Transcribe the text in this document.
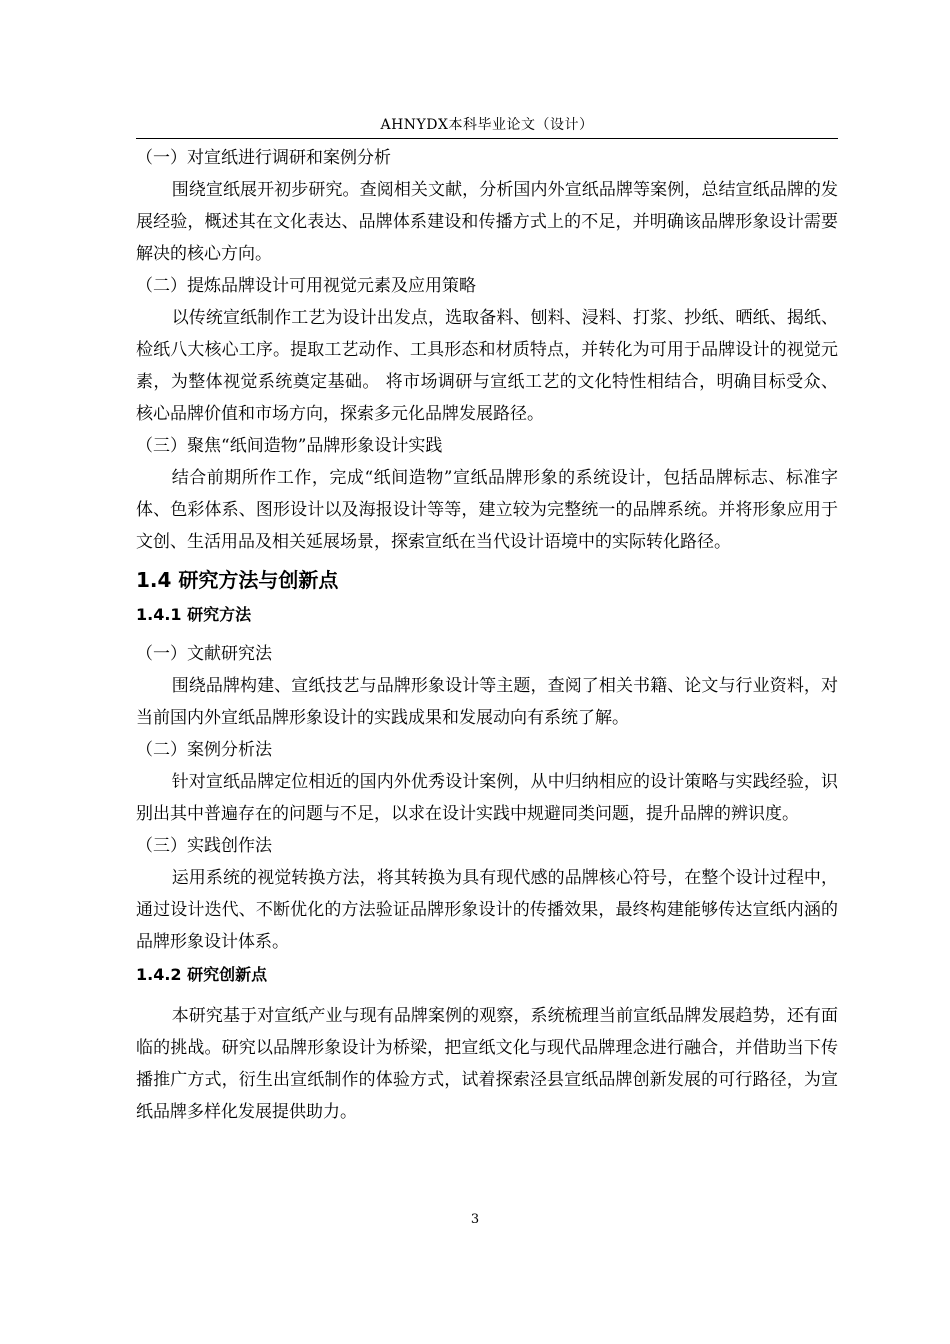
AHNYDX本科毕业论文（设计）

（一）对宣纸进行调研和案例分析

围绕宣纸展开初步研究。查阅相关文献，分析国内外宣纸品牌等案例，总结宣纸品牌的发展经验，概述其在文化表达、品牌体系建设和传播方式上的不足，并明确该品牌形象设计需要解决的核心方向。

（二）提炼品牌设计可用视觉元素及应用策略

以传统宣纸制作工艺为设计出发点，选取备料、刨料、浸料、打浆、抄纸、晒纸、揭纸、检纸八大核心工序。提取工艺动作、工具形态和材质特点，并转化为可用于品牌设计的视觉元素，为整体视觉系统奠定基础。 将市场调研与宣纸工艺的文化特性相结合，明确目标受众、核心品牌价值和市场方向，探索多元化品牌发展路径。

（三）聚焦“纸间造物”品牌形象设计实践

结合前期所作工作，完成“纸间造物”宣纸品牌形象的系统设计，包括品牌标志、标准字体、色彩体系、图形设计以及海报设计等等，建立较为完整统一的品牌系统。并将形象应用于文创、生活用品及相关延展场景，探索宣纸在当代设计语境中的实际转化路径。

1.4 研究方法与创新点

1.4.1 研究方法

（一）文献研究法

围绕品牌构建、宣纸技艺与品牌形象设计等主题，查阅了相关书籍、论文与行业资料，对当前国内外宣纸品牌形象设计的实践成果和发展动向有系统了解。

（二）案例分析法

针对宣纸品牌定位相近的国内外优秀设计案例，从中归纳相应的设计策略与实践经验，识别出其中普遍存在的问题与不足，以求在设计实践中规避同类问题，提升品牌的辨识度。

（三）实践创作法

运用系统的视觉转换方法，将其转换为具有现代感的品牌核心符号，在整个设计过程中，通过设计迭代、不断优化的方法验证品牌形象设计的传播效果，最终构建能够传达宣纸内涵的品牌形象设计体系。

1.4.2 研究创新点

本研究基于对宣纸产业与现有品牌案例的观察，系统梳理当前宣纸品牌发展趋势，还有面临的挑战。研究以品牌形象设计为桥梁，把宣纸文化与现代品牌理念进行融合，并借助当下传播推广方式，衍生出宣纸制作的体验方式，试着探索泾县宣纸品牌创新发展的可行路径，为宣纸品牌多样化发展提供助力。

3
